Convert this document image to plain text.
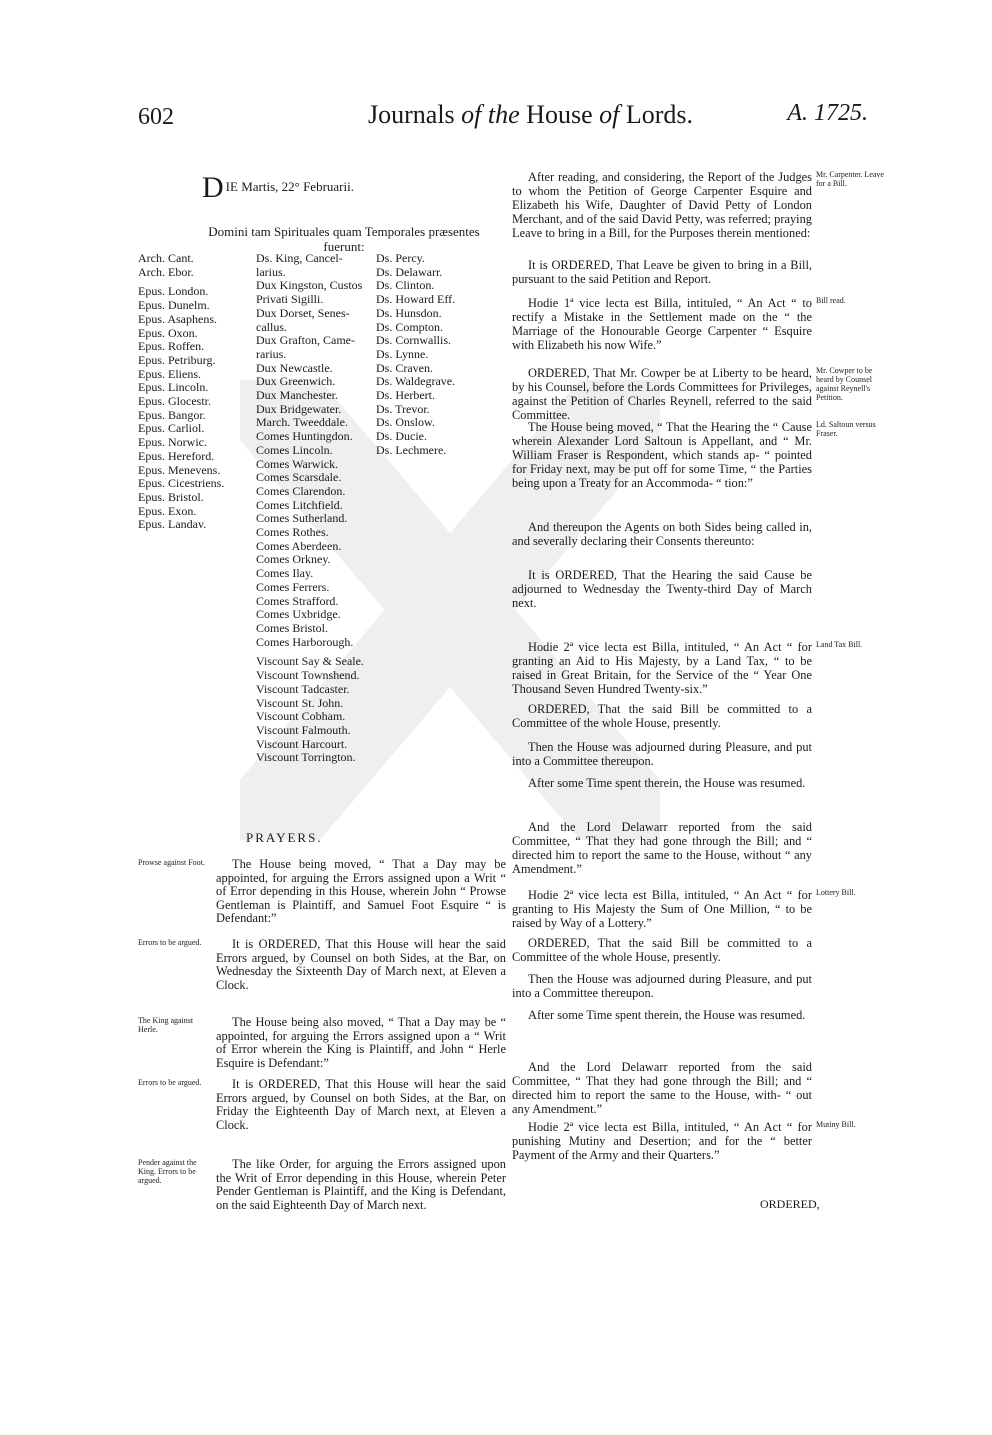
602	Journals of the House of Lords.	A. 1725.
DIE Martis, 22° Februarii.
Domini tam Spirituales quam Temporales præsentes fuerunt:
Arch. Cant.
Arch. Ebor.
Epus. London.
Epus. Dunelm.
Epus. Asaphens.
Epus. Oxon.
Epus. Roffen.
Epus. Petriburg.
Epus. Eliens.
Epus. Lincoln.
Epus. Glocestr.
Epus. Bangor.
Epus. Carliol.
Epus. Norwic.
Epus. Hereford.
Epus. Menevens.
Epus. Cicestriens.
Epus. Bristol.
Epus. Exon.
Epus. Landav.
Ds. King, Cancel-
larius.
Dux Kingston, Custos
Privati Sigilli.
Dux Dorset, Senes-
callus.
Dux Grafton, Came-
rarius.
Dux Newcastle.
Dux Greenwich.
Dux Manchester.
Dux Bridgewater.
March. Tweeddale.
Comes Huntingdon.
Comes Lincoln.
Comes Warwick.
Comes Scarsdale.
Comes Clarendon.
Comes Litchfield.
Comes Sutherland.
Comes Rothes.
Comes Aberdeen.
Comes Orkney.
Comes Ilay.
Comes Ferrers.
Comes Strafford.
Comes Uxbridge.
Comes Bristol.
Comes Harborough.
Viscount Say & Seale.
Viscount Townshend.
Viscount Tadcaster.
Viscount St. John.
Viscount Cobham.
Viscount Falmouth.
Viscount Harcourt.
Viscount Torrington.
Ds. Percy.
Ds. Delawarr.
Ds. Clinton.
Ds. Howard Eff.
Ds. Hunsdon.
Ds. Compton.
Ds. Cornwallis.
Ds. Lynne.
Ds. Craven.
Ds. Waldegrave.
Ds. Herbert.
Ds. Trevor.
Ds. Onslow.
Ds. Ducie.
Ds. Lechmere.
PRAYERS.
Prowse against Foot.	The House being moved, “ That a Day may be appointed, for arguing the Errors assigned upon a Writ “ of Error depending in this House, wherein John “ Prowse Gentleman is Plaintiff, and Samuel Foot Esquire “ is Defendant:”
Errors to be argued.	It is ORDERED, That this House will hear the said Errors argued, by Counsel on both Sides, at the Bar, on Wednesday the Sixteenth Day of March next, at Eleven a Clock.
The King against Herle.
The House being also moved, “ That a Day may be “ appointed, for arguing the Errors assigned upon a “ Writ of Error wherein the King is Plaintiff, and John “ Herle Esquire is Defendant:”
Errors to be argued.	It is ORDERED, That this House will hear the said Errors argued, by Counsel on both Sides, at the Bar, on Friday the Eighteenth Day of March next, at Eleven a Clock.
Pender against the King. Errors to be argued.
The like Order, for arguing the Errors assigned upon the Writ of Error depending in this House, wherein Peter Pender Gentleman is Plaintiff, and the King is Defendant, on the said Eighteenth Day of March next.
After reading, and considering, the Report of the Judges to whom the Petition of George Carpenter Esquire and Elizabeth his Wife, Daughter of David Petty of London Merchant, and of the said David Petty, was referred; praying Leave to bring in a Bill, for the Purposes therein mentioned:
Mr. Carpenter. Leave for a Bill.
It is ORDERED, That Leave be given to bring in a Bill, pursuant to the said Petition and Report.
Hodie 1ª vice lecta est Billa, intituled, “ An Act “ to rectify a Mistake in the Settlement made on the “ the Marriage of the Honourable George Carpenter “ Esquire with Elizabeth his now Wife.”
Bill read.
ORDERED, That Mr. Cowper be at Liberty to be heard, by his Counsel, before the Lords Committees for Privileges, against the Petition of Charles Reynell, referred to the said Committee.
Mr. Cowper to be heard by Counsel against Reynell's Petition.
The House being moved, “ That the Hearing the “ Cause wherein Alexander Lord Saltoun is Appellant, and “ Mr. William Fraser is Respondent, which stands ap- “ pointed for Friday next, may be put off for some Time, “ the Parties being upon a Treaty for an Accommoda- “ tion:”
Ld. Saltoun versus Fraser.
And thereupon the Agents on both Sides being called in, and severally declaring their Consents thereunto:
It is ORDERED, That the Hearing the said Cause be adjourned to Wednesday the Twenty-third Day of March next.
Hodie 2ª vice lecta est Billa, intituled, “ An Act “ for granting an Aid to His Majesty, by a Land Tax, “ to be raised in Great Britain, for the Service of the “ Year One Thousand Seven Hundred Twenty-six.”
Land Tax Bill.
ORDERED, That the said Bill be committed to a Committee of the whole House, presently.
Then the House was adjourned during Pleasure, and put into a Committee thereupon.
After some Time spent therein, the House was resumed.
And the Lord Delawarr reported from the said Committee, “ That they had gone through the Bill; and “ directed him to report the same to the House, without “ any Amendment.”
Hodie 2ª vice lecta est Billa, intituled, “ An Act “ for granting to His Majesty the Sum of One Million, “ to be raised by Way of a Lottery.”
Lottery Bill.
ORDERED, That the said Bill be committed to a Committee of the whole House, presently.
Then the House was adjourned during Pleasure, and put into a Committee thereupon.
After some Time spent therein, the House was resumed.
And the Lord Delawarr reported from the said Committee, “ That they had gone through the Bill; and “ directed him to report the same to the House, with- “ out any Amendment.”
Hodie 2ª vice lecta est Billa, intituled, “ An Act “ for punishing Mutiny and Desertion; and for the “ better Payment of the Army and their Quarters.”
Mutiny Bill.
ORDERED,
